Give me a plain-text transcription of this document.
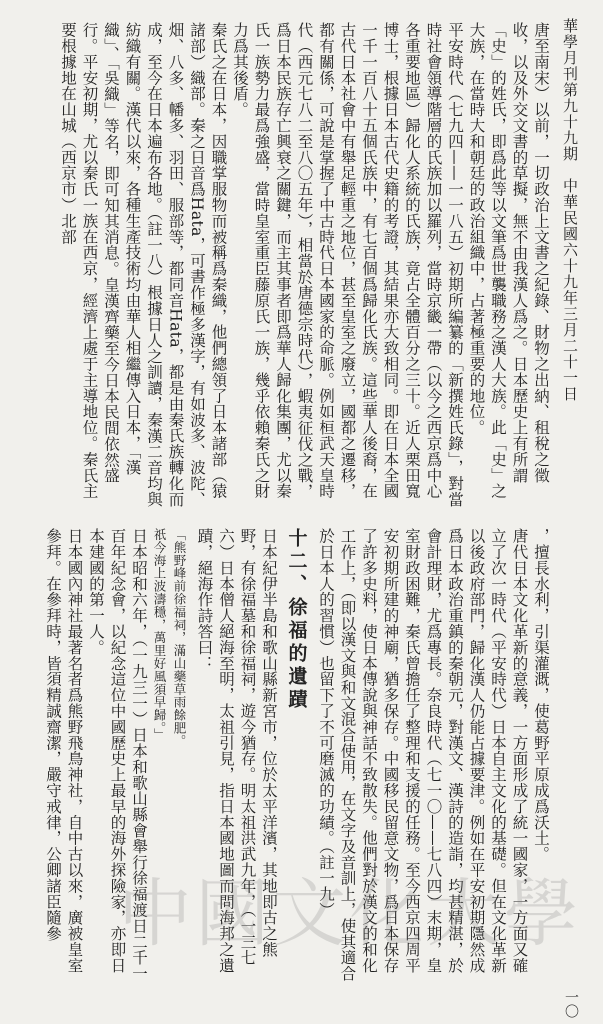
華學月刊第九十九期　中華民國六十九年三月二十一日

唐至南宋）以前，一切政治上文書之紀錄、財物之出納、租稅之徵收，以及外交文書的草擬，無不由我漢人爲之。日本歷史上有所謂「史」的姓氏，即爲此等以文筆爲世襲職務之漢人大族。此「史」之大族，在當時大和朝廷的政治組織中，占著極重要的地位。

平安時代（七九四——一一八五）初期所編纂的「新撰姓氏錄」，對當時社會領導階層的氏族加以羅列，當時京畿一帶（以今之西京爲中心各重要地區）歸化人系統的氏族，竟占全體百分之三十。近人栗田寬博士，根據日本古代史籍的考證，其結果亦大致相同。即在日本全國一千一百八十五個氏族中，有七百個爲歸化氏族。這些華人後裔，在古代日本社會中有舉足輕重之地位，甚至皇室之廢立，國都之遷移，都有關係，可說是掌握了中古時代日本國家的命脈。例如桓武天皇時代（西元七八二至八〇五年），相當於唐德宗時代），蝦夷征伐之戰，爲日本民族存亡興衰之關鍵，而主其事者即爲華人歸化集團，尤以秦氏一族勢力最爲強盛，當時皇室重臣藤原氏一族，幾乎依賴秦氏之財力爲其後盾。

秦氏之在日本，因職掌服物而被稱爲秦織，他們總領了日本諸部（猿諸部）織部。秦之日音爲Hata，可書作極多漢字，有如波多、波陀、畑、八多、幡多、羽田、服部等，都同音Hata，都是由秦氏族轉化而成，至今在日本遍布各地。（註一八）根據日人之訓讀，秦漢二音均與紡織有關。漢代以來，各種生產技術均由華人相繼傳入日本，「漢織」、「吳織」等名，即可知其消息。皇漢齊藥至今日本民間依然盛行。平安初期，尤以秦氏一族在西京，經濟上處于主導地位。秦氏主要根據地在山城（西京市）北部

，擅長水利，引渠灌溉，使葛野平原成爲沃土。

唐代日本文化革新的意義，一方面形成了統一國家，一方面又確立了次一時代（平安時代）日本自主文化的基礎。但在文化革新以後政府部門，歸化漢人仍能占據要津。例如在平安初期隱然成爲日本政治重鎮的秦朝元，對漢文、漢詩的造詣，均甚精湛，於會計理財，尤爲專長。奈良時代（七一〇——七八四）末期，皇室財政困難，秦氏曾擔任了整理和支援的任務。至今西京四周平安初期所建的神廟，猶多保存。中國移民留意文物，爲日本保存了許多史料，使日本傳說與神話不致散失。他們對於漢文的和化工作上，（即以漢文與和文混合使用，在文字及音訓上，使其適合於日本人的習慣）也留下了不可磨滅的功績。（註一九）

十二、徐福的遺蹟

日本紀伊半島和歌山縣新宮市，位於太平洋濱，其地即古之熊野，有徐福墓和徐福祠，遊今猶存。明太祖洪武九年，（一三七六）日本僧人絕海至明，太祖引見，指日本國地圖而問海邦之遺蹟，絕海作詩答曰：

「熊野峰前徐福祠，滿山藥草雨餘肥。
祇今海上波濤穩，萬里好風須早歸。」

日本昭和六年，（一九三一）日本和歌山縣會舉行徐福渡日二千一百年紀念會，以紀念這位中國歷史上最早的海外探險家，亦即日本建國的第一人。

日本國內神社最著名者爲熊野飛鳥神社，自中古以來，廣被皇室參拜。在參拜時，皆須精誠齋潔，嚴守戒律，公卿諸臣隨參

一〇
中 國 文 化 大 學
